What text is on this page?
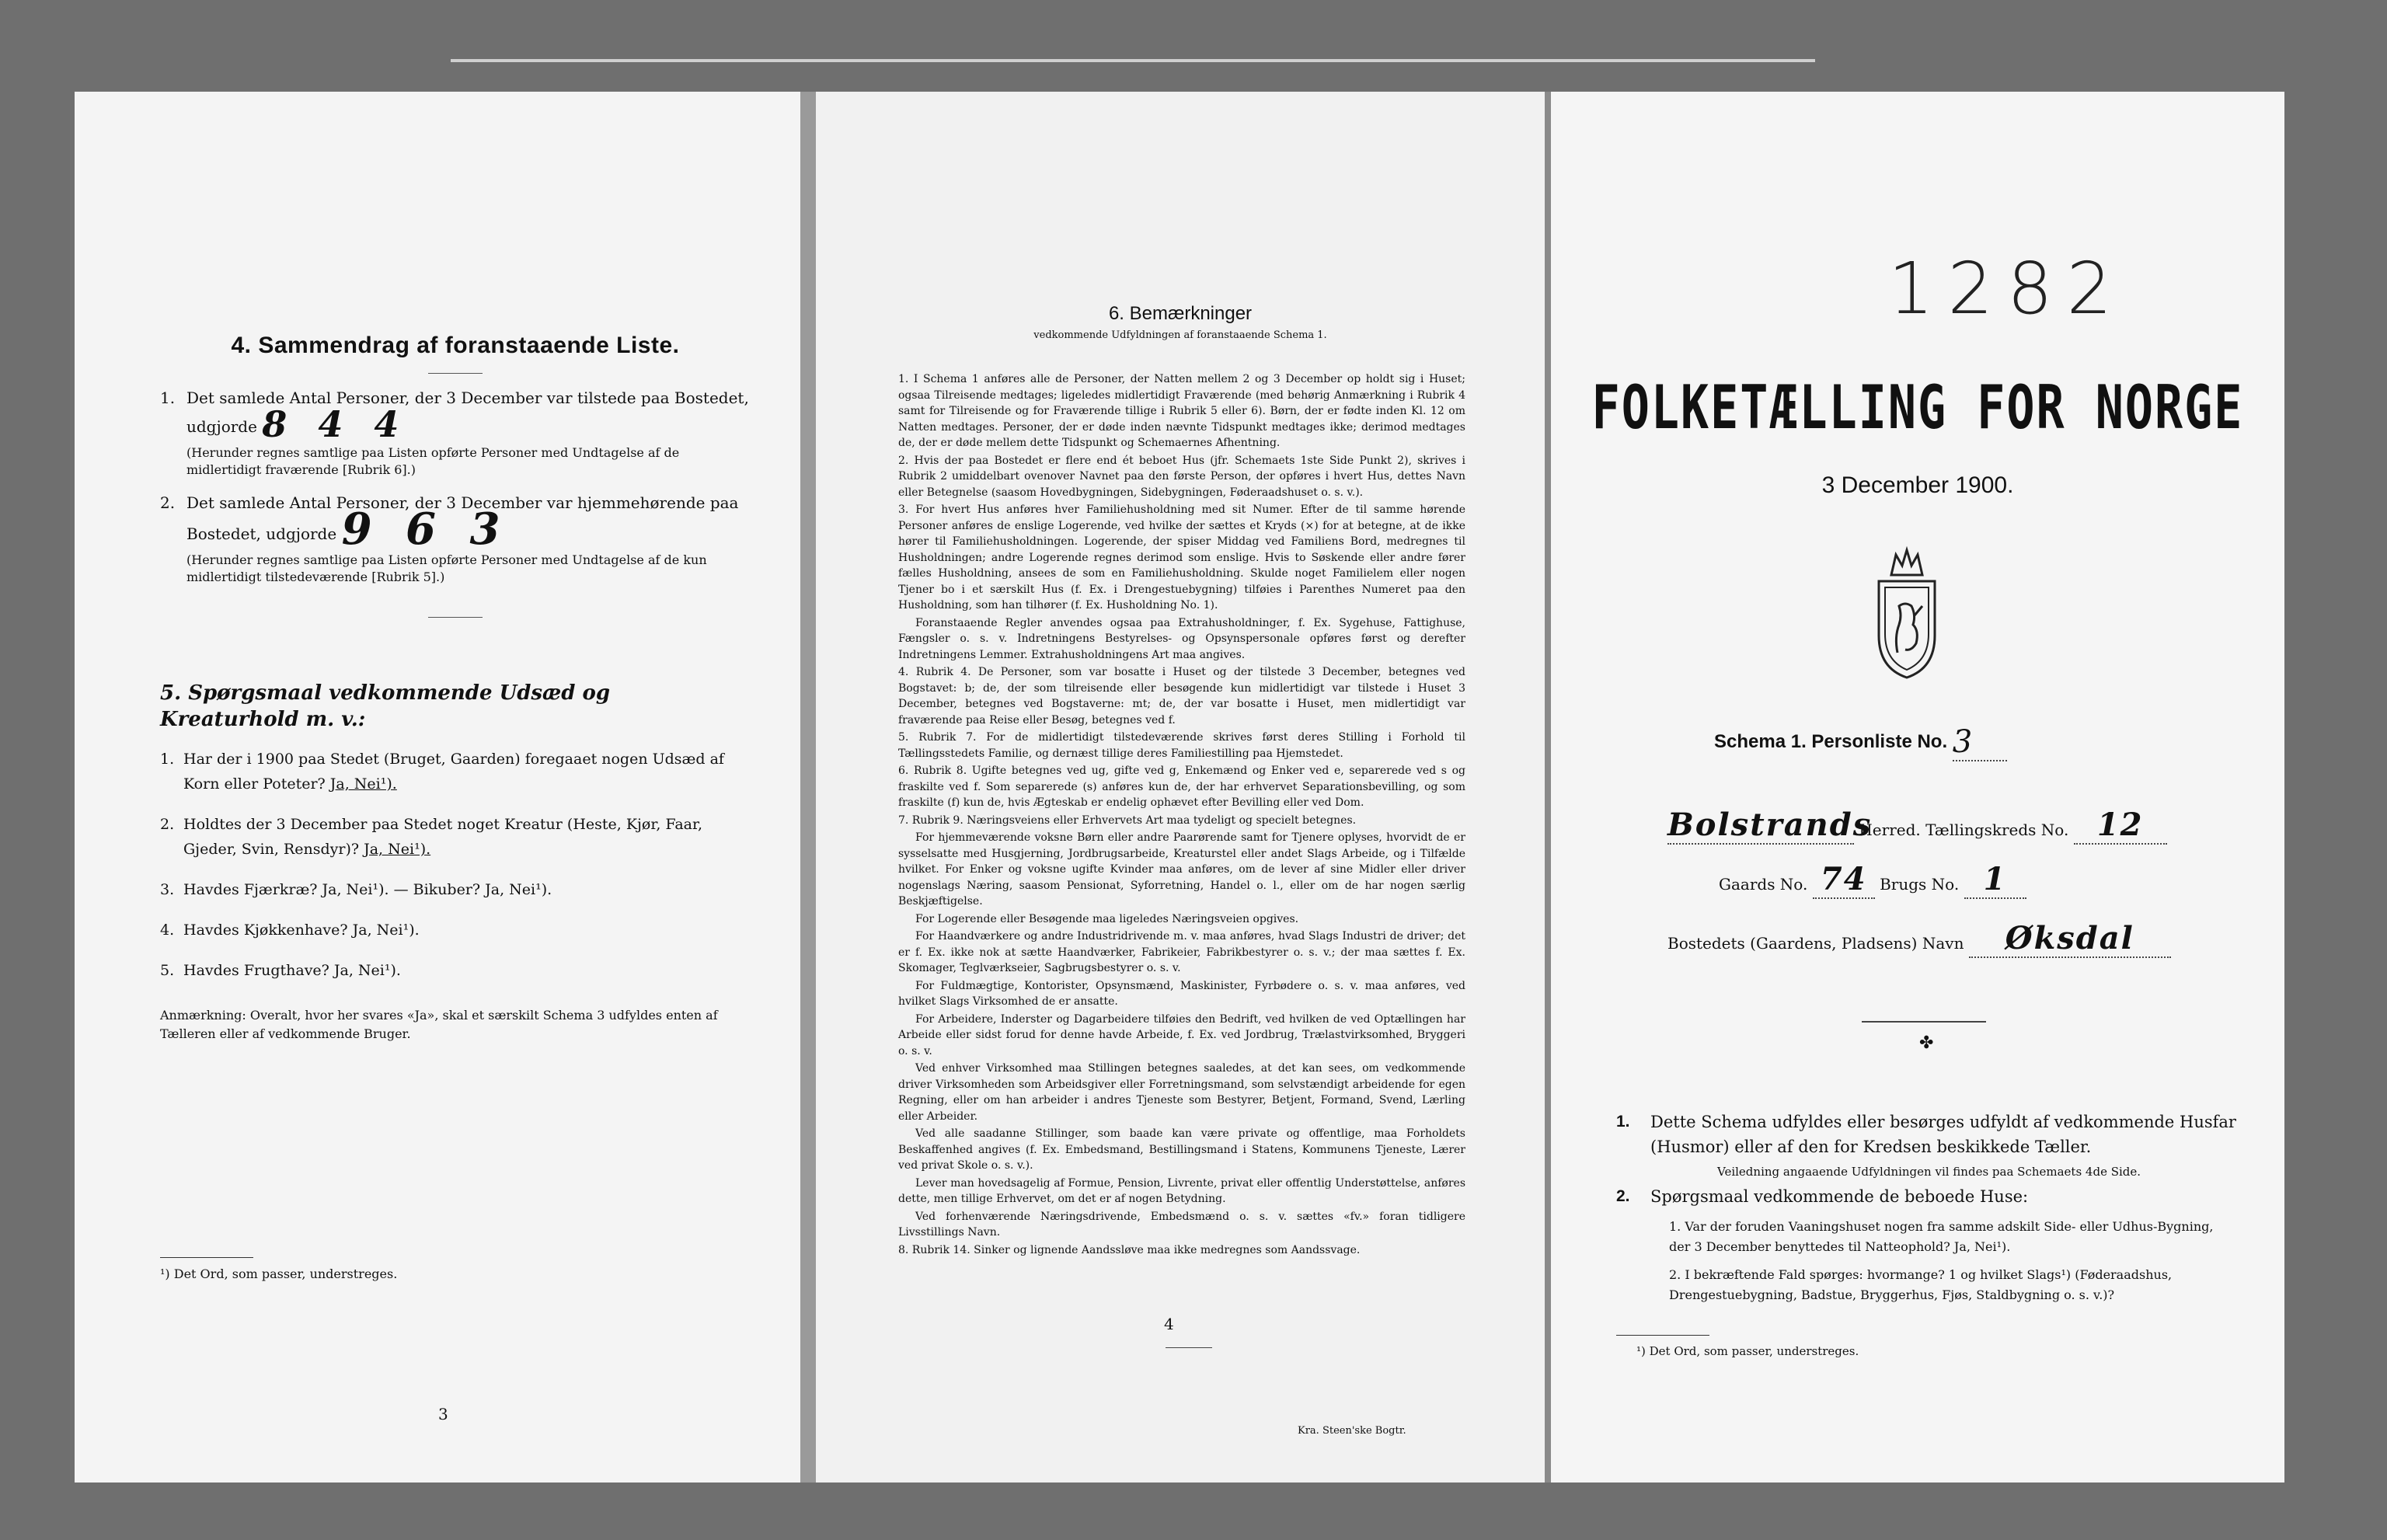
4. Sammendrag af foranstaaende Liste.
1. Det samlede Antal Personer, der 3 December var tilstede paa Bostedet, udgjorde 8 4 4
(Herunder regnes samtlige paa Listen opførte Personer med Undtagelse af de midlertidigt fraværende [Rubrik 6].)
2. Det samlede Antal Personer, der 3 December var hjemmehørende paa Bostedet, udgjorde 9 6 3
(Herunder regnes samtlige paa Listen opførte Personer med Undtagelse af de kun midlertidigt tilstedeværende [Rubrik 5].)
5. Spørgsmaal vedkommende Udsæd og Kreaturhold m. v.:
1. Har der i 1900 paa Stedet (Bruget, Gaarden) foregaaet nogen Udsæd af Korn eller Poteter? Ja, Nei¹).
2. Holdtes der 3 December paa Stedet noget Kreatur (Heste, Kjør, Faar, Gjeder, Svin, Rensdyr)? Ja, Nei¹).
3. Havdes Fjærkræ? Ja, Nei¹). — Bikuber? Ja, Nei¹).
4. Havdes Kjøkkenhave? Ja, Nei¹).
5. Havdes Frugthave? Ja, Nei¹).
Anmærkning: Overalt, hvor her svares «Ja», skal et særskilt Schema 3 udfyldes enten af Tælleren eller af vedkommende Bruger.
¹) Det Ord, som passer, understreges.
3
6. Bemærkninger
vedkommende Udfyldningen af foranstaaende Schema 1.

1. I Schema 1 anføres alle de Personer, der Natten mellem 2 og 3 December op holdt sig i Huset; ogsaa Tilreisende medtages; ligeledes midlertidigt Fraværende (med behørig Anmærkning i Rubrik 4 samt for Tilreisende og for Fraværende tillige i Rubrik 5 eller 6). Børn, der er fødte inden Kl. 12 om Natten medtages. Personer, der er døde inden nævnte Tidspunkt medtages ikke; derimod medtages de, der er døde mellem dette Tidspunkt og Schemaernes Afhentning.

2. Hvis der paa Bostedet er flere end ét beboet Hus (jfr. Schemaets 1ste Side Punkt 2), skrives i Rubrik 2 umiddelbart ovenover Navnet paa den første Person, der opføres i hvert Hus, dettes Navn eller Betegnelse (saasom Hovedbygningen, Sidebygningen, Føderaadshuset o. s. v.).

3. For hvert Hus anføres hver Familiehusholdning med sit Numer. Efter de til samme hørende Personer anføres de enslige Logerende, ved hvilke der sættes et Kryds (×) for at betegne, at de ikke hører til Familiehusholdningen. Logerende, der spiser Middag ved Familiens Bord, medregnes til Husholdningen; andre Logerende regnes derimod som enslige. Hvis to Søskende eller andre fører fælles Husholdning, ansees de som en Familiehusholdning. Skulde noget Familielem eller nogen Tjener bo i et særskilt Hus (f. Ex. i Drengestuebygning) tilføies i Parenthes Numeret paa den Husholdning, som han tilhører (f. Ex. Husholdning No. 1).

Foranstaaende Regler anvendes ogsaa paa Extrahusholdninger, f. Ex. Sygehuse, Fattighuse, Fængsler o. s. v. Indretningens Bestyrelses- og Opsynspersonale opføres først og derefter Indretningens Lemmer. Extrahusholdningens Art maa angives.

4. Rubrik 4. De Personer, som var bosatte i Huset og der tilstede 3 December, betegnes ved Bogstavet: b; de, der som tilreisende eller besøgende kun midlertidigt var tilstede i Huset 3 December, betegnes ved Bogstaverne: mt; de, der var bosatte i Huset, men midlertidigt var fraværende paa Reise eller Besøg, betegnes ved f.

5. Rubrik 7. For de midlertidigt tilstedeværende skrives først deres Stilling i Forhold til Tællingsstedets Familie, og dernæst tillige deres Familiestilling paa Hjemstedet.

6. Rubrik 8. Ugifte betegnes ved ug, gifte ved g, Enkemænd og Enker ved e, separerede ved s og fraskilte ved f. Som separerede (s) anføres kun de, der har erhvervet Separationsbevilling, og som fraskilte (f) kun de, hvis Ægteskab er endelig ophævet efter Bevilling eller ved Dom.

7. Rubrik 9. Næringsveiens eller Erhvervets Art maa tydeligt og specielt betegnes.

For hjemmeværende voksne Børn eller andre Paarørende samt for Tjenere oplyses, hvorvidt de er sysselsatte med Husgjerning, Jordbrugsarbeide, Kreaturstel eller andet Slags Arbeide, og i Tilfælde hvilket. For Enker og voksne ugifte Kvinder maa anføres, om de lever af sine Midler eller driver nogenslags Næring, saasom Pensionat, Syforretning, Handel o. l., eller om de har nogen særlig Beskjæftigelse.

For Logerende eller Besøgende maa ligeledes Næringsveien opgives.

For Haandværkere og andre Industridrivende m. v. maa anføres, hvad Slags Industri de driver; det er f. Ex. ikke nok at sætte Haandværker, Fabrikeier, Fabrikbestyrer o. s. v.; der maa sættes f. Ex. Skomager, Teglværkseier, Sagbrugsbestyrer o. s. v.

For Fuldmægtige, Kontorister, Opsynsmænd, Maskinister, Fyrbødere o. s. v. maa anføres, ved hvilket Slags Virksomhed de er ansatte.

For Arbeidere, Inderster og Dagarbeidere tilføies den Bedrift, ved hvilken de ved Optællingen har Arbeide eller sidst forud for denne havde Arbeide, f. Ex. ved Jordbrug, Trælastvirksomhed, Bryggeri o. s. v.

Ved enhver Virksomhed maa Stillingen betegnes saaledes, at det kan sees, om vedkommende driver Virksomheden som Arbeidsgiver eller Forretningsmand, som selvstændigt arbeidende for egen Regning, eller om han arbeider i andres Tjeneste som Bestyrer, Betjent, Formand, Svend, Lærling eller Arbeider.

Ved alle saadanne Stillinger, som baade kan være private og offentlige, maa Forholdets Beskaffenhed angives (f. Ex. Embedsmand, Bestillingsmand i Statens, Kommunens Tjeneste, Lærer ved privat Skole o. s. v.).

Lever man hovedsagelig af Formue, Pension, Livrente, privat eller offentlig Understøttelse, anføres dette, men tillige Erhvervet, om det er af nogen Betydning.

Ved forhenværende Næringsdrivende, Embedsmænd o. s. v. sættes «fv.» foran tidligere Livsstillings Navn.

8. Rubrik 14. Sinker og lignende Aandssløve maa ikke medregnes som Aandssvage.

4
Kra. Steen'ske Bogtr.
1282
FOLKETÆLLING FOR NORGE
3 December 1900.
Schema 1. Personliste No. 3
Bolstrands Herred. Tællingskreds No. 12
Gaards No. 74 Brugs No. 1
Bostedets (Gaardens, Pladsens) Navn Øksdal
✤
1. Dette Schema udfyldes eller besørges udfyldt af vedkommende Husfar (Husmor) eller af den for Kredsen beskikkede Tæller.
Veiledning angaaende Udfyldningen vil findes paa Schemaets 4de Side.
2. Spørgsmaal vedkommende de beboede Huse:
1. Var der foruden Vaaningshuset nogen fra samme adskilt Side- eller Udhus-Bygning, der 3 December benyttedes til Natteophold? Ja, Nei¹).
2. I bekræftende Fald spørges: hvormange? 1 og hvilket Slags¹) (Føderaadshus, Drengestuebygning, Badstue, Bryggerhus, Fjøs, Staldbygning o. s. v.)?
¹) Det Ord, som passer, understreges.
